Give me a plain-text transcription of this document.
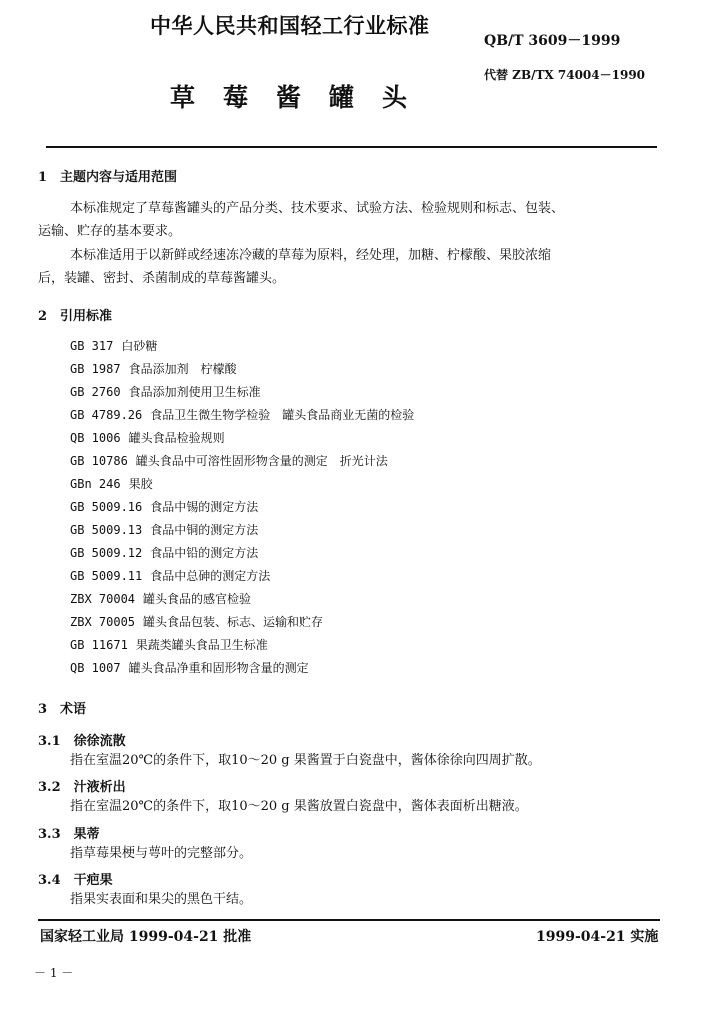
中华人民共和国轻工行业标准
QB/T 3609－1999
代替 ZB/TX 74004－1990
草莓酱罐头
1　主题内容与适用范围
本标准规定了草莓酱罐头的产品分类、技术要求、试验方法、检验规则和标志、包装、
运输、贮存的基本要求。
本标准适用于以新鲜或经速冻冷藏的草莓为原料，经处理，加糖、柠檬酸、果胶浓缩
后，装罐、密封、杀菌制成的草莓酱罐头。
2　引用标准
GB 317 白砂糖
GB 1987 食品添加剂　柠檬酸
GB 2760 食品添加剂使用卫生标准
GB 4789.26 食品卫生微生物学检验　罐头食品商业无菌的检验
QB 1006 罐头食品检验规则
GB 10786 罐头食品中可溶性固形物含量的测定　折光计法
GBn 246 果胶
GB 5009.16 食品中锡的测定方法
GB 5009.13 食品中铜的测定方法
GB 5009.12 食品中铅的测定方法
GB 5009.11 食品中总砷的测定方法
ZBX 70004 罐头食品的感官检验
ZBX 70005 罐头食品包装、标志、运输和贮存
GB 11671 果蔬类罐头食品卫生标准
QB 1007 罐头食品净重和固形物含量的测定
3　术语
3.1　徐徐流散
指在室温20℃的条件下，取10～20 g 果酱置于白瓷盘中，酱体徐徐向四周扩散。
3.2　汁液析出
指在室温20℃的条件下，取10～20 g 果酱放置白瓷盘中，酱体表面析出糖液。
3.3　果蒂
指草莓果梗与萼叶的完整部分。
3.4　干疤果
指果实表面和果尖的黑色干结。
国家轻工业局 1999-04-21 批准	1999-04-21 实施
－ 1 －
